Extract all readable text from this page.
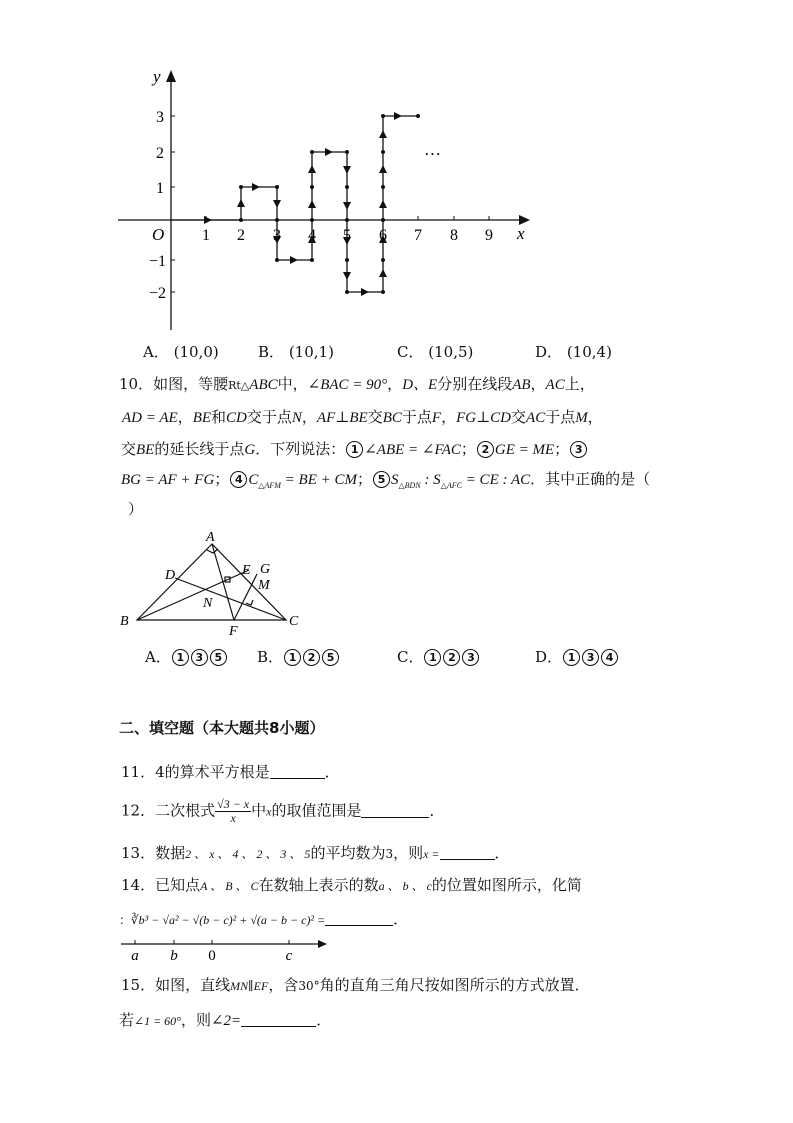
y
x
O 1 2 3 4 5 6 7 8 9
3
2
1
−1
−2
…
A． (10,0)	B． (10,1)	C． (10,5)	D． (10,4)
10．如图，等腰Rt△ABC中，∠BAC = 90°，D、E分别在线段AB，AC上，
AD = AE，BE和CD交于点N，AF⊥BE交BC于点F，FG⊥CD交AC于点M，
交BE的延长线于点G．下列说法： 1 ∠ABE = ∠FAC； 2 GE = ME； 3
BG = AF + FG； 4 $C_{\triangle AFM}$ = BE + CM； 5 $S_{\triangle BDN}$ : $S_{\triangle AFC}$ = CE : AC．其中正确的是（
）
A
B	C
D	E
F
G
M
N
A． 1 3 5	B． 1 2 5	C． 1 2 3	D． 1 3 4
二、填空题（本大题共8小题）
11．4的算术平方根是	．
12．二次根式 $\frac{√3 - x}{x}$ 中x的取值范围是	．
13．数据2 、 x 、 4 、 2 、 3 、 5的平均数为3，则x =	．
14．已知点A 、 B 、 C在数轴上表示的数a 、 b 、 c的位置如图所示，化简
：∛b³ − √a² − √(b − c)² + √(a − b − c)² =	．
a b 0	c
15．如图，直线MN∥EF，含30°角的直角三角尺按如图所示的方式放置．
若∠1 = 60°，则∠2=	．
